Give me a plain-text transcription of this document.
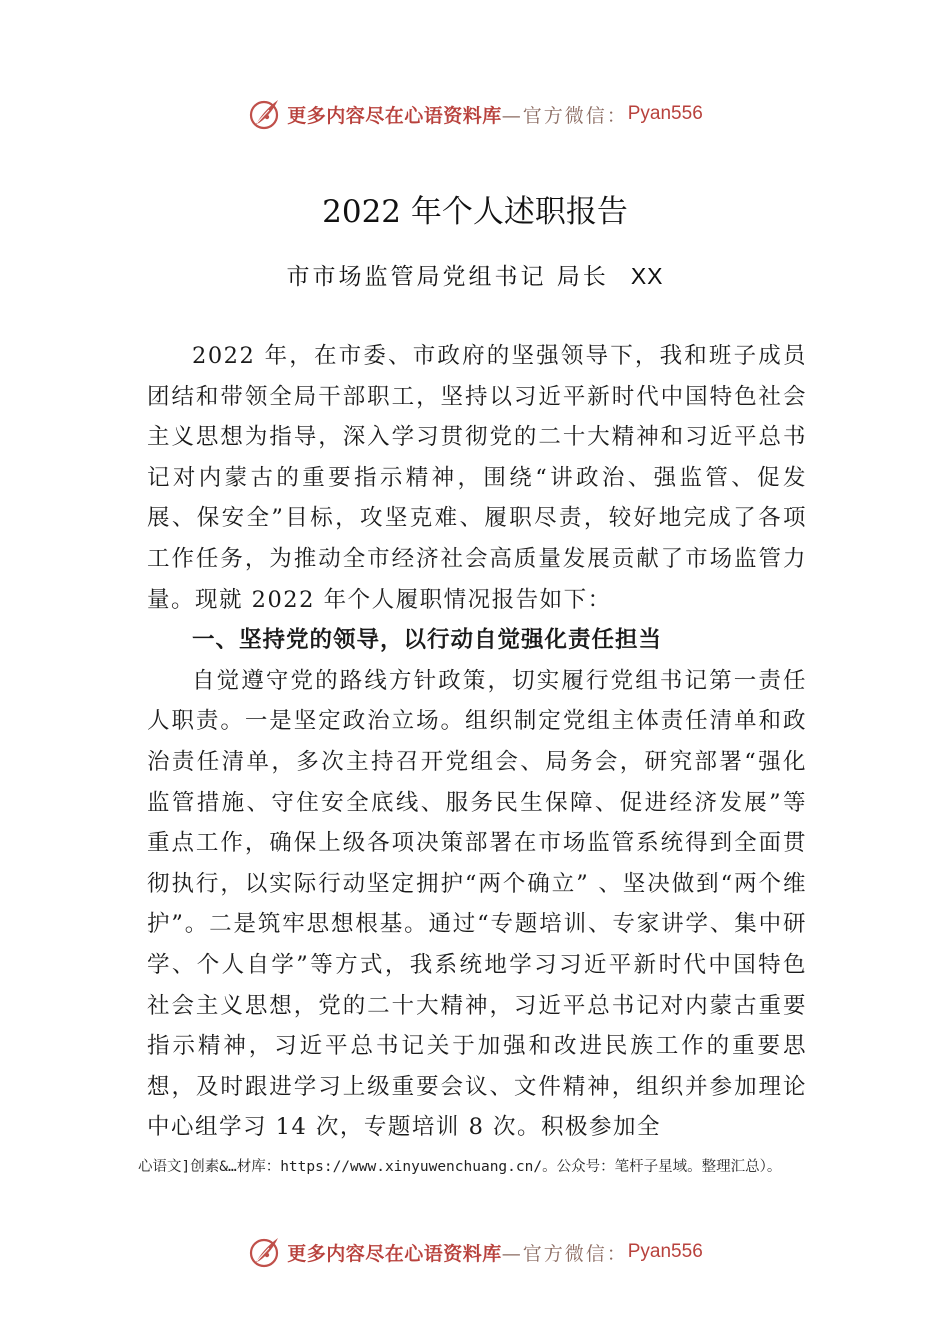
更多内容尽在心语资料库 —官方微信： Pyan556
2022 年个人述职报告
市市场监管局党组书记 局长 XX

2022 年，在市委、市政府的坚强领导下，我和班子成员团结和带领全局干部职工，坚持以习近平新时代中国特色社会主义思想为指导，深入学习贯彻党的二十大精神和习近平总书记对内蒙古的重要指示精神，围绕“讲政治、强监管、促发展、保安全”目标，攻坚克难、履职尽责，较好地完成了各项工作任务，为推动全市经济社会高质量发展贡献了市场监管力量。现就 2022 年个人履职情况报告如下：

一、坚持党的领导，以行动自觉强化责任担当

自觉遵守党的路线方针政策，切实履行党组书记第一责任人职责。一是坚定政治立场。组织制定党组主体责任清单和政治责任清单，多次主持召开党组会、局务会，研究部署“强化监管措施、守住安全底线、服务民生保障、促进经济发展”等重点工作，确保上级各项决策部署在市场监管系统得到全面贯彻执行，以实际行动坚定拥护“两个确立” 、坚决做到“两个维护”。二是筑牢思想根基。通过“专题培训、专家讲学、集中研学、个人自学”等方式，我系统地学习习近平新时代中国特色社会主义思想，党的二十大精神，习近平总书记对内蒙古重要指示精神，习近平总书记关于加强和改进民族工作的重要思想，及时跟进学习上级重要会议、文件精神，组织并参加理论中心组学习 14 次，专题培训 8 次。积极参加全

心语文]创素&…材库：https://www.xinyuwenchuang.cn/。公众号：笔杆子星域。整理汇总）。
更多内容尽在心语资料库 —官方微信： Pyan556
